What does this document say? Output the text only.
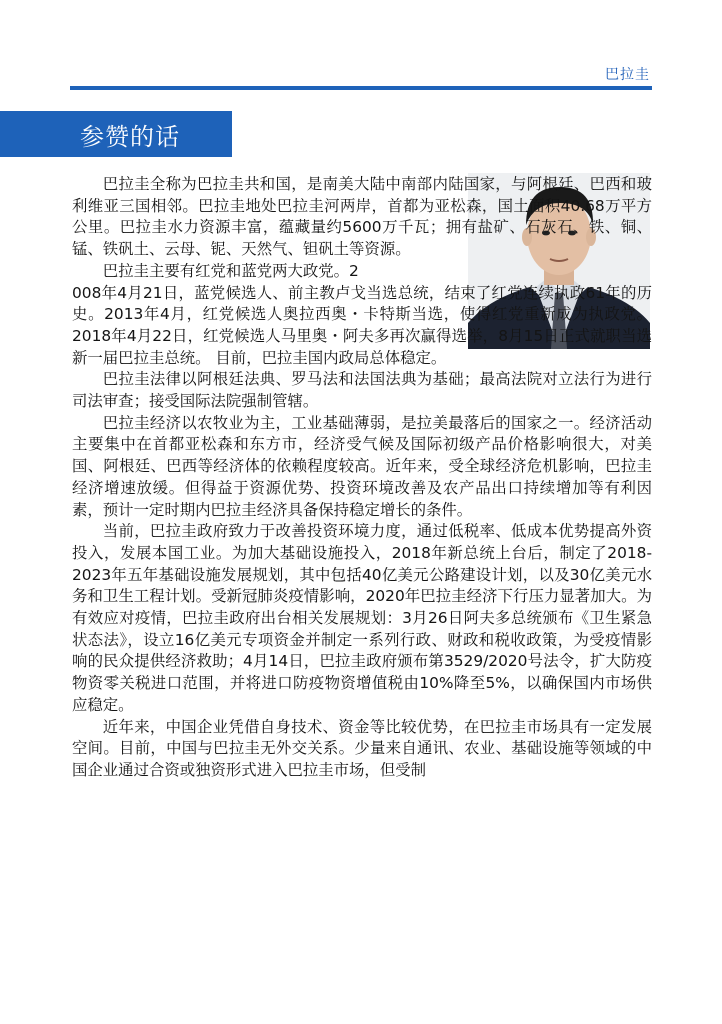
巴拉圭
参赞的话

巴拉圭全称为巴拉圭共和国，是南美大陆中南部内陆国家，与阿根廷、巴西和玻利维亚三国相邻。巴拉圭地处巴拉圭河两岸，首都为亚松森，国土面积40.68万平方公里。巴拉圭水力资源丰富，蕴藏量约5600万千瓦；拥有盐矿、石灰石、铁、铜、锰、铁矾土、云母、铌、天然气、钽矾土等资源。

巴拉圭主要有红党和蓝党两大政党。2
008年4月21日，蓝党候选人、前主教卢戈当选总统，结束了红党连续执政61年的历史。2013年4月，红党候选人奥拉西奥・卡特斯当选，使得红党重新成为执政党。2018年4月22日，红党候选人马里奥・阿夫多再次赢得选举，8月15日正式就职当选新一届巴拉圭总统。 目前，巴拉圭国内政局总体稳定。

巴拉圭法律以阿根廷法典、罗马法和法国法典为基础；最高法院对立法行为进行司法审查；接受国际法院强制管辖。

巴拉圭经济以农牧业为主，工业基础薄弱，是拉美最落后的国家之一。经济活动主要集中在首都亚松森和东方市，经济受气候及国际初级产品价格影响很大，对美国、阿根廷、巴西等经济体的依赖程度较高。近年来，受全球经济危机影响，巴拉圭经济增速放缓。但得益于资源优势、投资环境改善及农产品出口持续增加等有利因素，预计一定时期内巴拉圭经济具备保持稳定增长的条件。

当前，巴拉圭政府致力于改善投资环境力度，通过低税率、低成本优势提高外资投入，发展本国工业。为加大基础设施投入，2018年新总统上台后，制定了2018-2023年五年基础设施发展规划，其中包括40亿美元公路建设计划，以及30亿美元水务和卫生工程计划。受新冠肺炎疫情影响，2020年巴拉圭经济下行压力显著加大。为有效应对疫情，巴拉圭政府出台相关发展规划：3月26日阿夫多总统颁布《卫生紧急状态法》，设立16亿美元专项资金并制定一系列行政、财政和税收政策，为受疫情影响的民众提供经济救助；4月14日，巴拉圭政府颁布第3529/2020号法令，扩大防疫物资零关税进口范围，并将进口防疫物资增值税由10%降至5%，以确保国内市场供应稳定。

近年来，中国企业凭借自身技术、资金等比较优势，在巴拉圭市场具有一定发展空间。目前，中国与巴拉圭无外交关系。少量来自通讯、农业、基础设施等领域的中国企业通过合资或独资形式进入巴拉圭市场，但受制
